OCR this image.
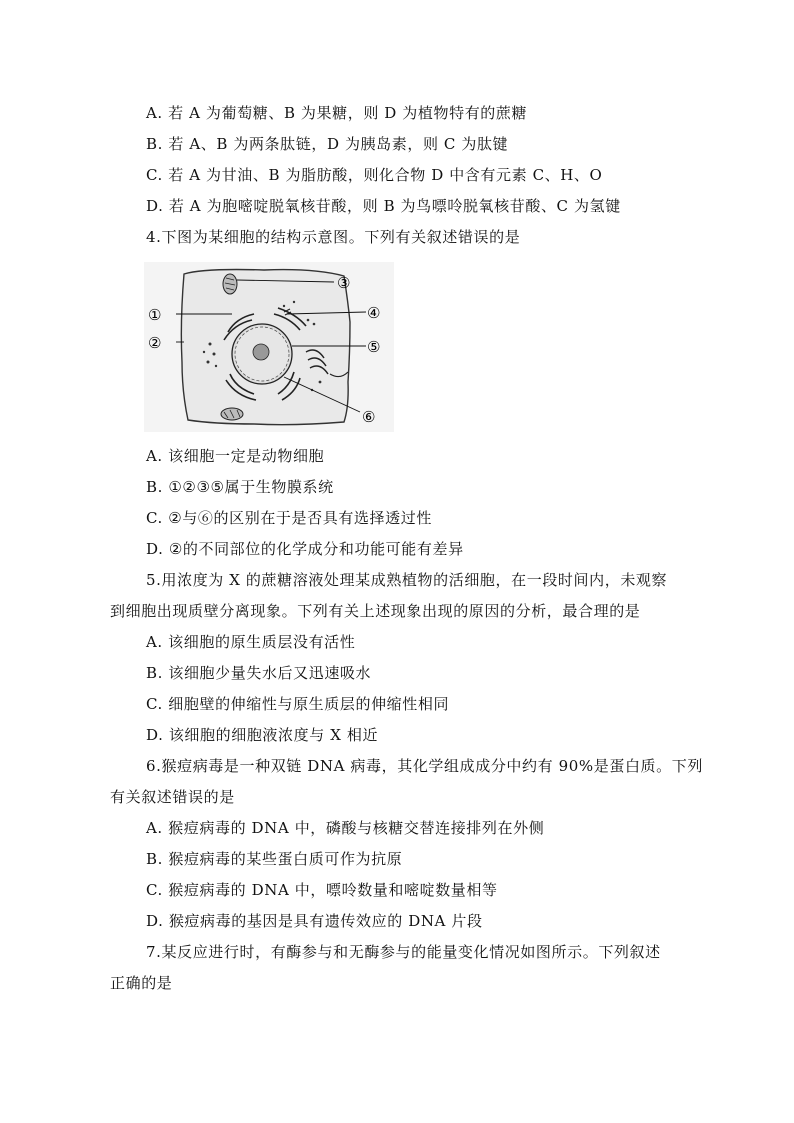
A. 若 A 为葡萄糖、B 为果糖，则 D 为植物特有的蔗糖
B. 若 A、B 为两条肽链，D 为胰岛素，则 C 为肽键
C. 若 A 为甘油、B 为脂肪酸，则化合物 D 中含有元素 C、H、O
D. 若 A 为胞嘧啶脱氧核苷酸，则 B 为鸟嘌呤脱氧核苷酸、C 为氢键
4.下图为某细胞的结构示意图。下列有关叙述错误的是
①
②
③
④
⑤
⑥
A. 该细胞一定是动物细胞
B. ①②③⑤属于生物膜系统
C. ②与⑥的区别在于是否具有选择透过性
D. ②的不同部位的化学成分和功能可能有差异
5.用浓度为 X 的蔗糖溶液处理某成熟植物的活细胞，在一段时间内，未观察
到细胞出现质壁分离现象。下列有关上述现象出现的原因的分析，最合理的是
A. 该细胞的原生质层没有活性
B. 该细胞少量失水后又迅速吸水
C. 细胞壁的伸缩性与原生质层的伸缩性相同
D. 该细胞的细胞液浓度与 X 相近
6.猴痘病毒是一种双链 DNA 病毒，其化学组成成分中约有 90%是蛋白质。下列
有关叙述错误的是
A. 猴痘病毒的 DNA 中，磷酸与核糖交替连接排列在外侧
B. 猴痘病毒的某些蛋白质可作为抗原
C. 猴痘病毒的 DNA 中，嘌呤数量和嘧啶数量相等
D. 猴痘病毒的基因是具有遗传效应的 DNA 片段
7.某反应进行时，有酶参与和无酶参与的能量变化情况如图所示。下列叙述
正确的是
